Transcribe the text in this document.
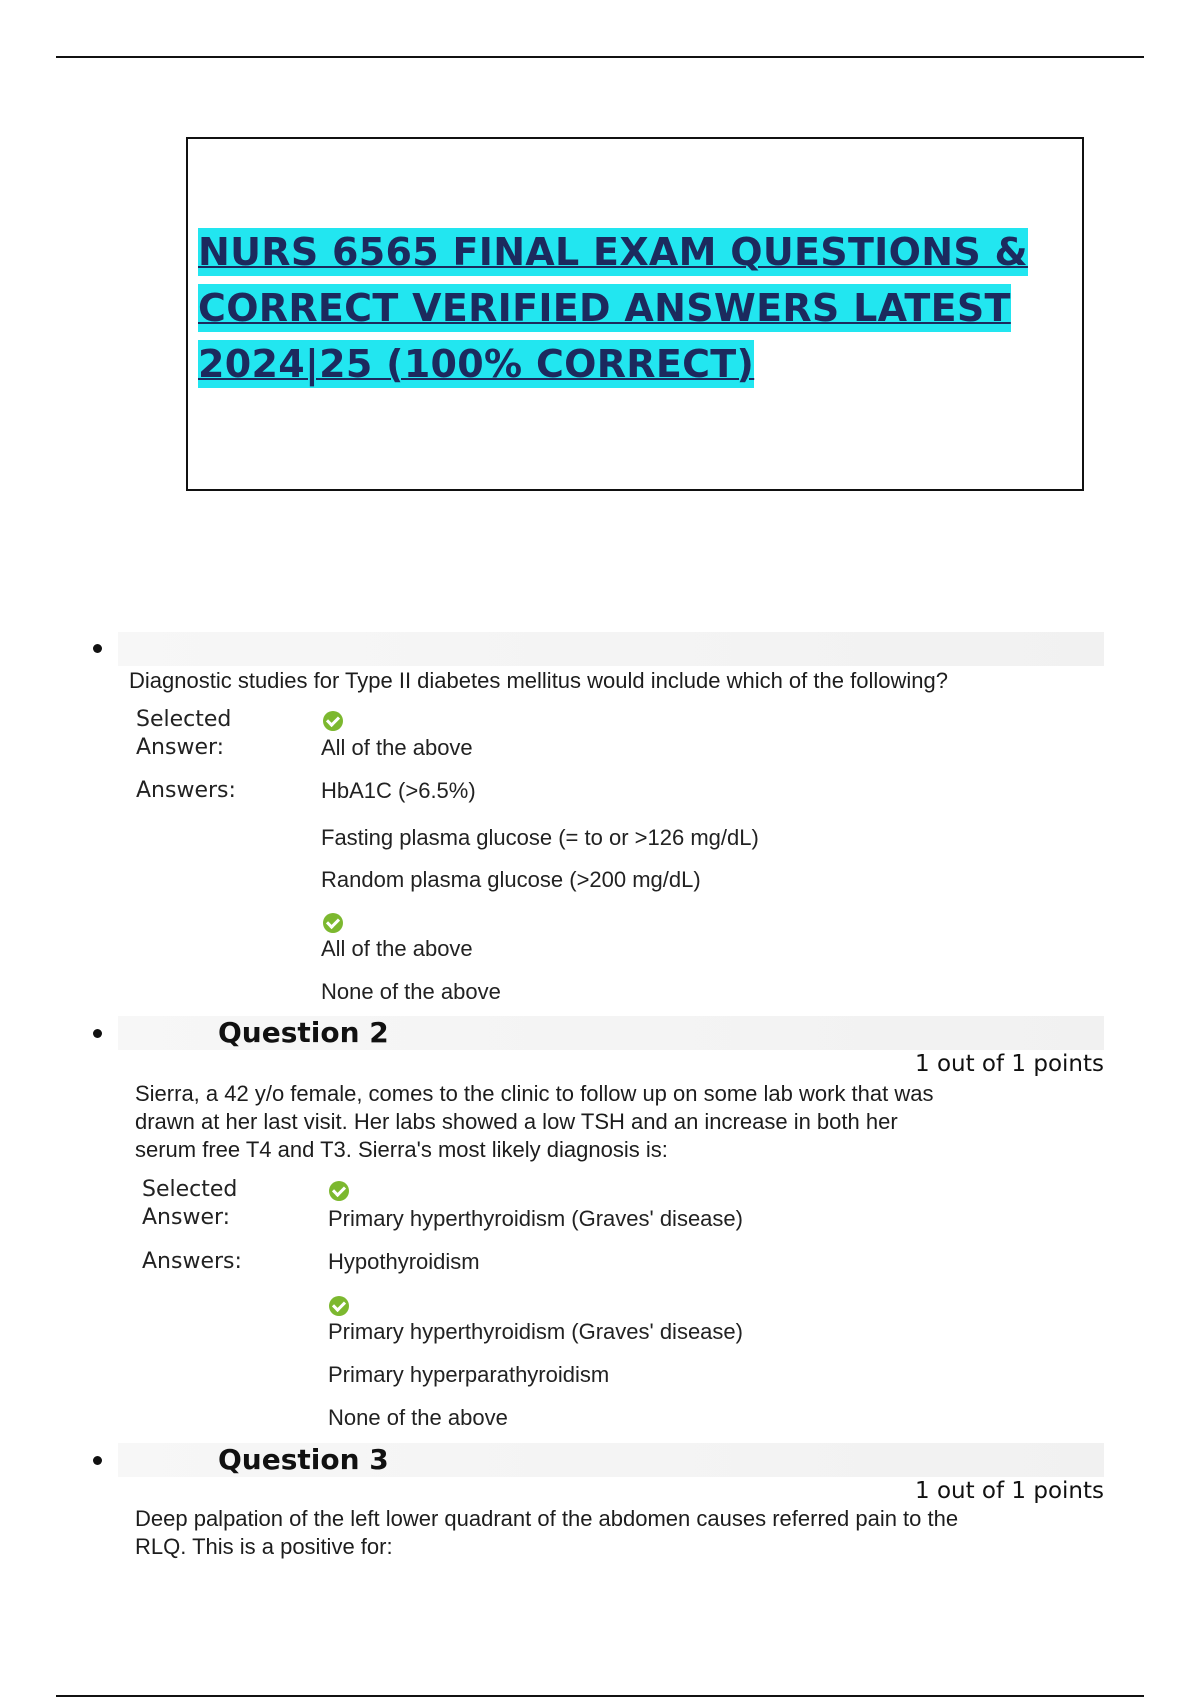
NURS 6565 FINAL EXAM QUESTIONS &
CORRECT VERIFIED ANSWERS LATEST
2024|25 (100% CORRECT)
Diagnostic studies for Type II diabetes mellitus would include which of the following?
Selected
Answer:	All of the above
Answers:	HbA1C (>6.5%)
Fasting plasma glucose (= to or >126 mg/dL)
Random plasma glucose (>200 mg/dL)
All of the above
None of the above
Question 2
1 out of 1 points
Sierra, a 42 y/o female, comes to the clinic to follow up on some lab work that was
drawn at her last visit. Her labs showed a low TSH and an increase in both her
serum free T4 and T3. Sierra's most likely diagnosis is:
Selected
Answer:	Primary hyperthyroidism (Graves' disease)
Answers:	Hypothyroidism
Primary hyperthyroidism (Graves' disease)
Primary hyperparathyroidism
None of the above
Question 3
1 out of 1 points
Deep palpation of the left lower quadrant of the abdomen causes referred pain to the
RLQ. This is a positive for:
